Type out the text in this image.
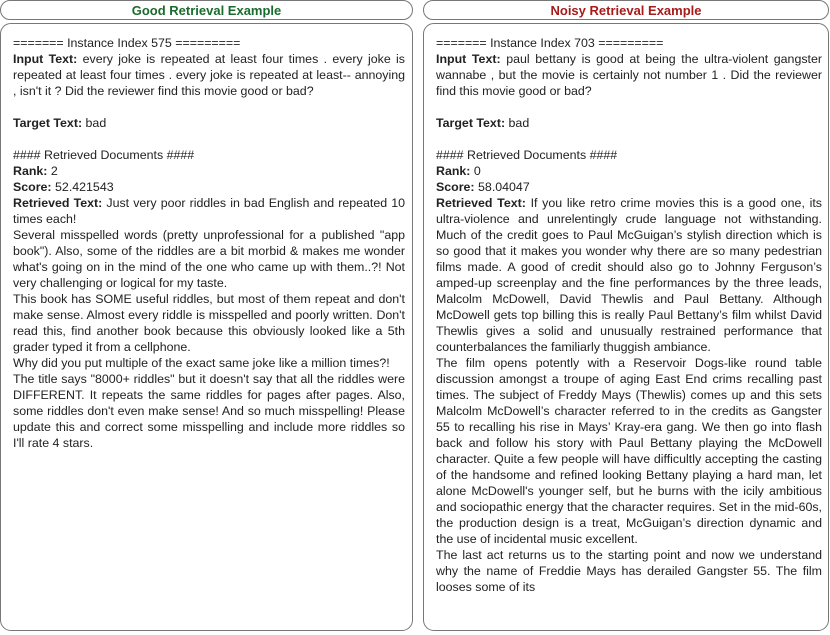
Good Retrieval Example

======= Instance Index 575 =========

Input Text: every joke is repeated at least four times . every joke is repeated at least four times . every joke is repeated at least-- annoying , isn't it ? Did the reviewer find this movie good or bad?

Target Text: bad

#### Retrieved Documents ####

Rank: 2

Score: 52.421543

Retrieved Text: Just very poor riddles in bad English and repeated 10 times each!

Several misspelled words (pretty unprofessional for a published "app book"). Also, some of the riddles are a bit morbid & makes me wonder what's going on in the mind of the one who came up with them..?! Not very challenging or logical for my taste.

This book has SOME useful riddles, but most of them repeat and don't make sense. Almost every riddle is misspelled and poorly written. Don't read this, find another book because this obviously looked like a 5th grader typed it from a cellphone.

Why did you put multiple of the exact same joke like a million times?!

The title says "8000+ riddles" but it doesn't say that all the riddles were DIFFERENT. It repeats the same riddles for pages after pages. Also, some riddles don't even make sense! And so much misspelling! Please update this and correct some misspelling and include more riddles so I'll rate 4 stars.

Noisy Retrieval Example

======= Instance Index 703 =========

Input Text: paul bettany is good at being the ultra-violent gangster wannabe , but the movie is certainly not number 1 . Did the reviewer find this movie good or bad?

Target Text: bad

#### Retrieved Documents ####

Rank: 0

Score: 58.04047

Retrieved Text: If you like retro crime movies this is a good one, its ultra-violence and unrelentingly crude language not withstanding. Much of the credit goes to Paul McGuigan’s stylish direction which is so good that it makes you wonder why there are so many pedestrian films made. A good of credit should also go to Johnny Ferguson’s amped-up screenplay and the fine performances by the three leads, Malcolm McDowell, David Thewlis and Paul Bettany. Although McDowell gets top billing this is really Paul Bettany’s film whilst David Thewlis gives a solid and unusually restrained performance that counterbalances the familiarly thuggish ambiance.

The film opens potently with a Reservoir Dogs-like round table discussion amongst a troupe of aging East End crims recalling past times. The subject of Freddy Mays (Thewlis) comes up and this sets Malcolm McDowell’s character referred to in the credits as Gangster 55 to recalling his rise in Mays’ Kray-era gang. We then go into flash back and follow his story with Paul Bettany playing the McDowell character. Quite a few people will have difficultly accepting the casting of the handsome and refined looking Bettany playing a hard man, let alone McDowell's younger self, but he burns with the icily ambitious and sociopathic energy that the character requires. Set in the mid-60s, the production design is a treat, McGuigan’s direction dynamic and the use of incidental music excellent.

The last act returns us to the starting point and now we understand why the name of Freddie Mays has derailed Gangster 55. The film looses some of its
